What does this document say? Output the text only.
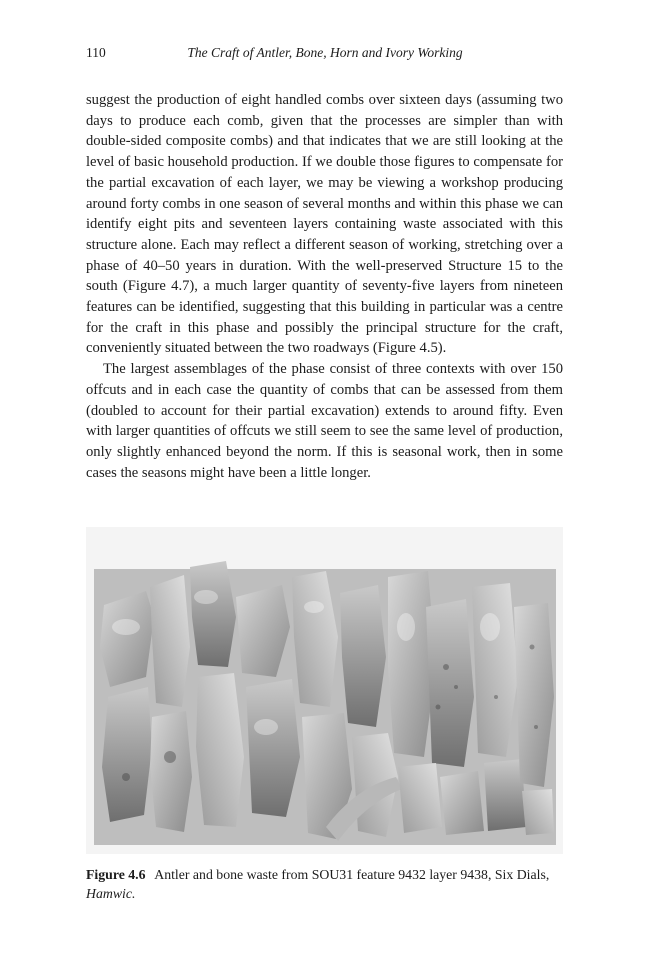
110	The Craft of Antler, Bone, Horn and Ivory Working

suggest the production of eight handled combs over sixteen days (assuming two days to produce each comb, given that the processes are simpler than with double-sided composite combs) and that indicates that we are still looking at the level of basic household production. If we double those figures to compensate for the partial excavation of each layer, we may be viewing a workshop producing around forty combs in one season of several months and within this phase we can identify eight pits and seventeen layers containing waste associated with this structure alone. Each may reflect a different season of working, stretching over a phase of 40–50 years in duration. With the well-preserved Structure 15 to the south (Figure 4.7), a much larger quantity of seventy-five layers from nineteen features can be identified, suggesting that this building in particular was a centre for the craft in this phase and possibly the principal structure for the craft, conveniently situated between the two roadways (Figure 4.5).

The largest assemblages of the phase consist of three contexts with over 150 offcuts and in each case the quantity of combs that can be assessed from them (doubled to account for their partial excavation) extends to around fifty. Even with larger quantities of offcuts we still seem to see the same level of production, only slightly enhanced beyond the norm. If this is seasonal work, then in some cases the seasons might have been a little longer.

Figure 4.6 Antler and bone waste from SOU31 feature 9432 layer 9438, Six Dials,
Hamwic.
